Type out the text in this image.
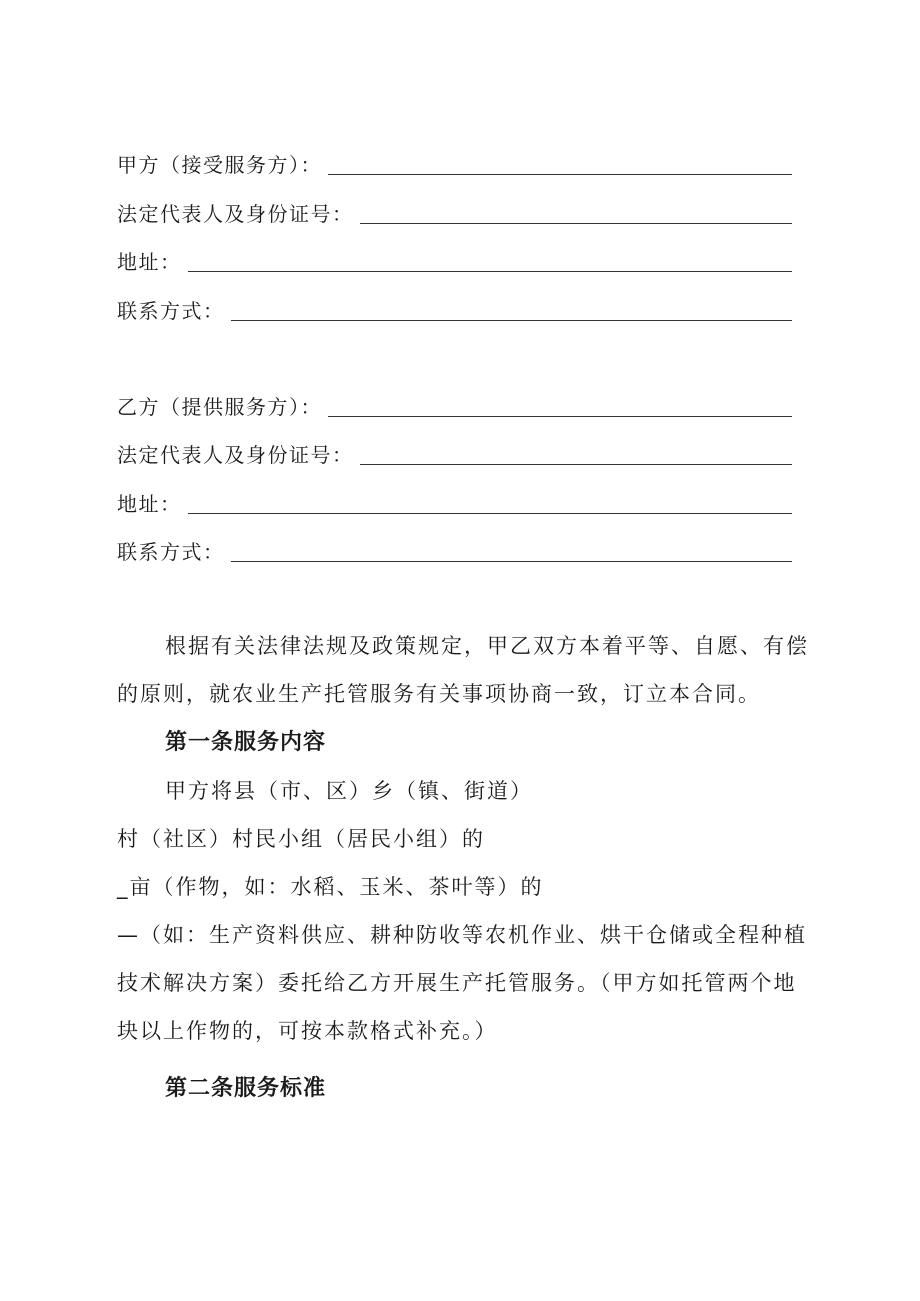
甲方（接受服务方）：
法定代表人及身份证号：
地址：
联系方式：
乙方（提供服务方）：
法定代表人及身份证号：
地址：
联系方式：
根据有关法律法规及政策规定，甲乙双方本着平等、自愿、有偿
的原则，就农业生产托管服务有关事项协商一致，订立本合同。
第一条服务内容
甲方将县（市、区）乡（镇、街道）
村（社区）村民小组（居民小组）的
_亩（作物，如：水稻、玉米、茶叶等）的
—（如：生产资料供应、耕种防收等农机作业、烘干仓储或全程种植
技术解决方案）委托给乙方开展生产托管服务。（甲方如托管两个地
块以上作物的，可按本款格式补充。）
第二条服务标准
